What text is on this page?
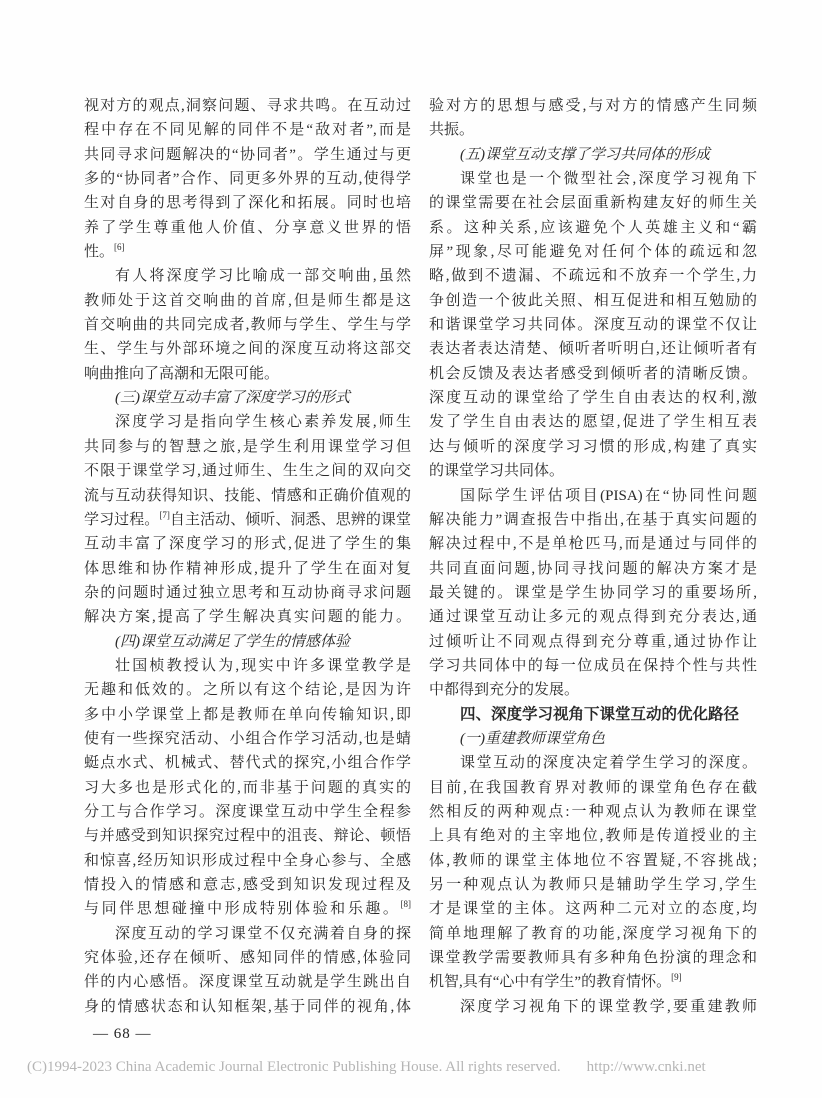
视对方的观点,洞察问题、寻求共鸣。在互动过
程中存在不同见解的同伴不是“敌对者”,而是
共同寻求问题解决的“协同者”。学生通过与更
多的“协同者”合作、同更多外界的互动,使得学
生对自身的思考得到了深化和拓展。同时也培
养了学生尊重他人价值、分享意义世界的悟
性。[6]
有人将深度学习比喻成一部交响曲,虽然
教师处于这首交响曲的首席,但是师生都是这
首交响曲的共同完成者,教师与学生、学生与学
生、学生与外部环境之间的深度互动将这部交
响曲推向了高潮和无限可能。
(三)课堂互动丰富了深度学习的形式
深度学习是指向学生核心素养发展,师生
共同参与的智慧之旅,是学生利用课堂学习但
不限于课堂学习,通过师生、生生之间的双向交
流与互动获得知识、技能、情感和正确价值观的
学习过程。[7]自主活动、倾听、洞悉、思辨的课堂
互动丰富了深度学习的形式,促进了学生的集
体思维和协作精神形成,提升了学生在面对复
杂的问题时通过独立思考和互动协商寻求问题
解决方案,提高了学生解决真实问题的能力。
(四)课堂互动满足了学生的情感体验
壮国桢教授认为,现实中许多课堂教学是
无趣和低效的。之所以有这个结论,是因为许
多中小学课堂上都是教师在单向传输知识,即
使有一些探究活动、小组合作学习活动,也是蜻
蜓点水式、机械式、替代式的探究,小组合作学
习大多也是形式化的,而非基于问题的真实的
分工与合作学习。深度课堂互动中学生全程参
与并感受到知识探究过程中的沮丧、辩论、顿悟
和惊喜,经历知识形成过程中全身心参与、全感
情投入的情感和意志,感受到知识发现过程及
与同伴思想碰撞中形成特别体验和乐趣。[8]
深度互动的学习课堂不仅充满着自身的探
究体验,还存在倾听、感知同伴的情感,体验同
伴的内心感悟。深度课堂互动就是学生跳出自
身的情感状态和认知框架,基于同伴的视角,体
验对方的思想与感受,与对方的情感产生同频
共振。
(五)课堂互动支撑了学习共同体的形成
课堂也是一个微型社会,深度学习视角下
的课堂需要在社会层面重新构建友好的师生关
系。这种关系,应该避免个人英雄主义和“霸
屏”现象,尽可能避免对任何个体的疏远和忽
略,做到不遗漏、不疏远和不放弃一个学生,力
争创造一个彼此关照、相互促进和相互勉励的
和谐课堂学习共同体。深度互动的课堂不仅让
表达者表达清楚、倾听者听明白,还让倾听者有
机会反馈及表达者感受到倾听者的清晰反馈。
深度互动的课堂给了学生自由表达的权利,激
发了学生自由表达的愿望,促进了学生相互表
达与倾听的深度学习习惯的形成,构建了真实
的课堂学习共同体。
国际学生评估项目(PISA)在“协同性问题
解决能力”调查报告中指出,在基于真实问题的
解决过程中,不是单枪匹马,而是通过与同伴的
共同直面问题,协同寻找问题的解决方案才是
最关键的。课堂是学生协同学习的重要场所,
通过课堂互动让多元的观点得到充分表达,通
过倾听让不同观点得到充分尊重,通过协作让
学习共同体中的每一位成员在保持个性与共性
中都得到充分的发展。
四、深度学习视角下课堂互动的优化路径
(一)重建教师课堂角色
课堂互动的深度决定着学生学习的深度。
目前,在我国教育界对教师的课堂角色存在截
然相反的两种观点:一种观点认为教师在课堂
上具有绝对的主宰地位,教师是传道授业的主
体,教师的课堂主体地位不容置疑,不容挑战;
另一种观点认为教师只是辅助学生学习,学生
才是课堂的主体。这两种二元对立的态度,均
简单地理解了教育的功能,深度学习视角下的
课堂教学需要教师具有多种角色扮演的理念和
机智,具有“心中有学生”的教育情怀。[9]
深度学习视角下的课堂教学,要重建教师
— 68 —
(C)1994-2023 China Academic Journal Electronic Publishing House. All rights reserved. http://www.cnki.net
